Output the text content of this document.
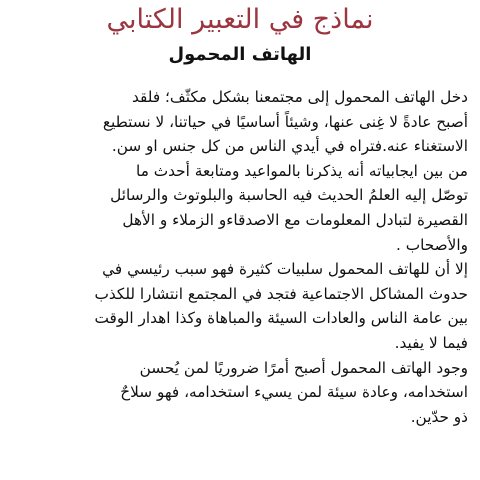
نماذج في التعبير الكتابي
الهاتف المحمول

دخل الهاتف المحمول إلى مجتمعنا بشكل مكثّف؛ فلقد
أصبح عادةً لا غِنى عنها، وشيئاً أساسيًا في حياتنا، لا نستطيع
الاستغناء عنه.فتراه في أيدي الناس من كل جنس او سن.

من بين ايجابياته أنه يذكرنا بالمواعيد ومتابعة أحدث ما
توصّل إليه العلمُ الحديث فيه الحاسبة والبلوتوث والرسائل
القصيرة لتبادل المعلومات مع الاصدقاءو الزملاء و الأهل
والأصحاب .

إلا أن للهاتف المحمول سلبيات كثيرة فهو سبب رئيسي في
حدوث المشاكل الاجتماعية فتجد في المجتمع انتشارا للكذب
بين عامة الناس والعادات السيئة والمباهاة وكذا اهدار الوقت
فيما لا يفيد.

وجود الهاتف المحمول أصبح أمرًا ضروريًا لمن يُحسن
استخدامه، وعادة سيئة لمن يسيء استخدامه، فهو سلاحٌ
ذو حدّين.
